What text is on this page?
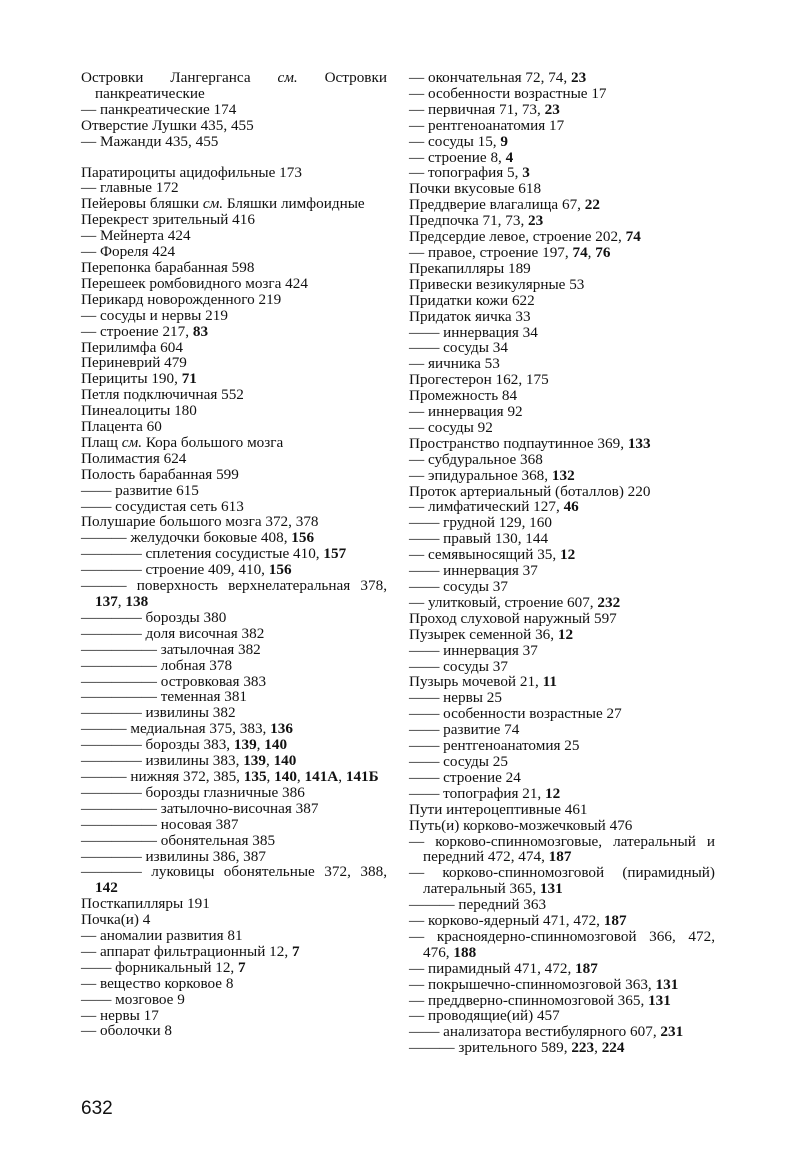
Островки Лангерганса см. Островки панкреатические
— панкреатические 174
Отверстие Лушки 435, 455
— Мажанди 435, 455
Паратироциты ацидофильные 173
— главные 172
Пейеровы бляшки см. Бляшки лимфоидные
Перекрест зрительный 416
— Мейнерта 424
— Фореля 424
Перепонка барабанная 598
Перешеек ромбовидного мозга 424
Перикард новорожденного 219
— сосуды и нервы 219
— строение 217, 83
Перилимфа 604
Периневрий 479
Перициты 190, 71
Петля подключичная 552
Пинеалоциты 180
Плацента 60
Плащ см. Кора большого мозга
Полимастия 624
Полость барабанная 599
—— развитие 615
—— сосудистая сеть 613
Полушарие большого мозга 372, 378
——— желудочки боковые 408, 156
———— сплетения сосудистые 410, 157
———— строение 409, 410, 156
——— поверхность верхнелатеральная 378, 137, 138
———— борозды 380
———— доля височная 382
————— затылочная 382
————— лобная 378
————— островковая 383
————— теменная 381
———— извилины 382
——— медиальная 375, 383, 136
———— борозды 383, 139, 140
———— извилины 383, 139, 140
——— нижняя 372, 385, 135, 140, 141А, 141Б
———— борозды глазничные 386
————— затылочно-височная 387
————— носовая 387
————— обонятельная 385
———— извилины 386, 387
———— луковицы обонятельные 372, 388, 142
Посткапилляры 191
Почка(и) 4
— аномалии развития 81
— аппарат фильтрационный 12, 7
—— форникальный 12, 7
— вещество корковое 8
—— мозговое 9
— нервы 17
— оболочки 8
— окончательная 72, 74, 23
— особенности возрастные 17
— первичная 71, 73, 23
— рентгеноанатомия 17
— сосуды 15, 9
— строение 8, 4
— топография 5, 3
Почки вкусовые 618
Преддверие влагалища 67, 22
Предпочка 71, 73, 23
Предсердие левое, строение 202, 74
— правое, строение 197, 74, 76
Прекапилляры 189
Привески везикулярные 53
Придатки кожи 622
Придаток яичка 33
—— иннервация 34
—— сосуды 34
— яичника 53
Прогестерон 162, 175
Промежность 84
— иннервация 92
— сосуды 92
Пространство подпаутинное 369, 133
— субдуральное 368
— эпидуральное 368, 132
Проток артериальный (боталлов) 220
— лимфатический 127, 46
—— грудной 129, 160
—— правый 130, 144
— семявыносящий 35, 12
—— иннервация 37
—— сосуды 37
— улитковый, строение 607, 232
Проход слуховой наружный 597
Пузырек семенной 36, 12
—— иннервация 37
—— сосуды 37
Пузырь мочевой 21, 11
—— нервы 25
—— особенности возрастные 27
—— развитие 74
—— рентгеноанатомия 25
—— сосуды 25
—— строение 24
—— топография 21, 12
Пути интероцептивные 461
Путь(и) корково-мозжечковый 476
— корково-спинномозговые, латеральный и передний 472, 474, 187
— корково-спинномозговой (пирамидный) латеральный 365, 131
——— передний 363
— корково-ядерный 471, 472, 187
— красноядерно-спинномозговой 366, 472, 476, 188
— пирамидный 471, 472, 187
— покрышечно-спинномозговой 363, 131
— преддверно-спинномозговой 365, 131
— проводящие(ий) 457
—— анализатора вестибулярного 607, 231
——— зрительного 589, 223, 224
632
